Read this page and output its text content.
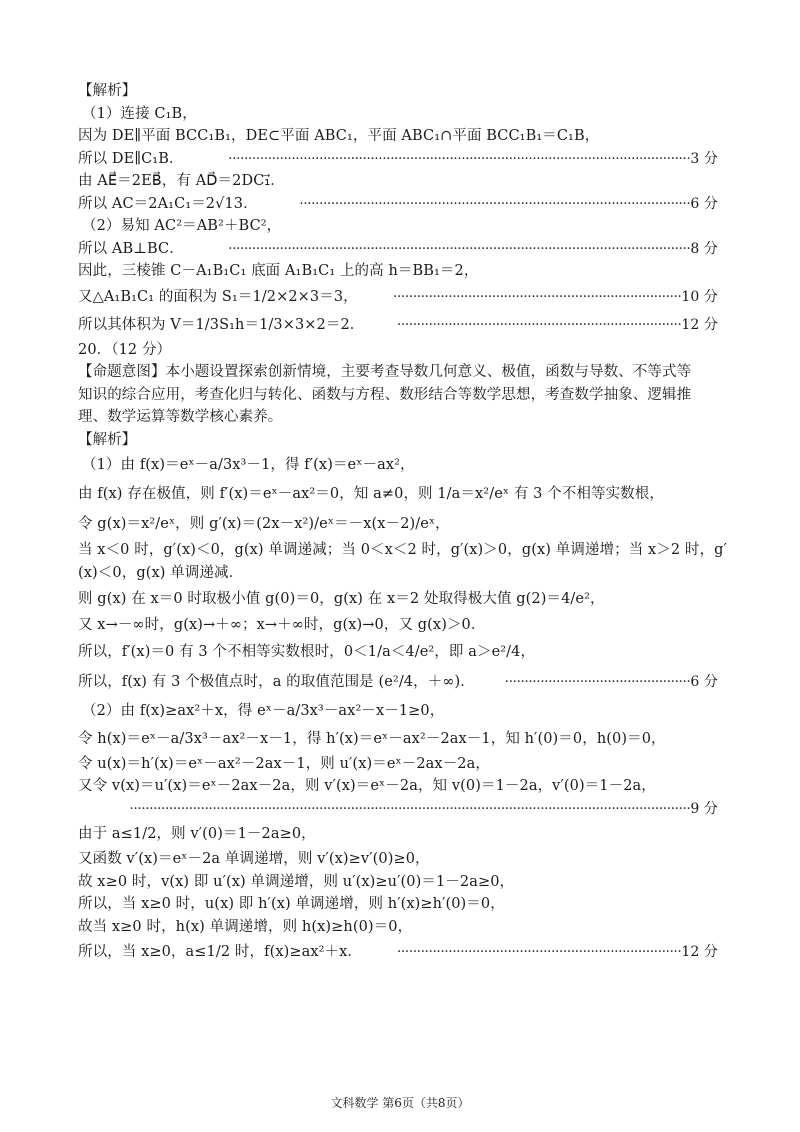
【解析】
（1）连接 C₁B，
因为 DE∥平面 BCC₁B₁，DE⊂平面 ABC₁，平面 ABC₁∩平面 BCC₁B₁＝C₁B，
所以 DE∥C₁B．	·····················································································································3 分
由 AE⃗＝2EB⃗，有 AD⃗＝2DC₁⃗．
所以 AC＝2A₁C₁＝2√13．	···································································································6 分
（2）易知 AC²＝AB²＋BC²，
所以 AB⊥BC．	·····················································································································8 分
因此，三棱锥 C－A₁B₁C₁ 底面 A₁B₁C₁ 上的高 h＝BB₁＝2，
又△A₁B₁C₁ 的面积为 S₁＝1/2×2×3＝3，	·········································································10 分
所以其体积为 V＝1/3S₁h＝1/3×3×2＝2． ········································································12 分
20．（12 分）
【命题意图】本小题设置探索创新情境，主要考查导数几何意义、极值，函数与导数、不等式等
知识的综合应用，考查化归与转化、函数与方程、数形结合等数学思想，考查数学抽象、逻辑推
理、数学运算等数学核心素养。
【解析】
（1）由 f(x)＝eˣ－a/3x³－1，得 f′(x)＝eˣ－ax²，
由 f(x) 存在极值，则 f′(x)＝eˣ－ax²＝0，知 a≠0，则 1/a＝x²/eˣ 有 3 个不相等实数根，
令 g(x)＝x²/eˣ，则 g′(x)＝(2x－x²)/eˣ＝－x(x－2)/eˣ，
当 x＜0 时，g′(x)＜0，g(x) 单调递减；当 0＜x＜2 时，g′(x)＞0，g(x) 单调递增；当 x＞2 时，g′
(x)＜0，g(x) 单调递减．
则 g(x) 在 x＝0 时取极小值 g(0)＝0，g(x) 在 x＝2 处取得极大值 g(2)＝4/e²，
又 x→－∞时，g(x)→＋∞；x→＋∞时，g(x)→0，又 g(x)＞0．
所以，f′(x)＝0 有 3 个不相等实数根时，0＜1/a＜4/e²，即 a＞e²/4，
所以，f(x) 有 3 个极值点时，a 的取值范围是 (e²/4，＋∞)． ···············································6 分
（2）由 f(x)≥ax²＋x，得 eˣ－a/3x³－ax²－x－1≥0，
令 h(x)＝eˣ－a/3x³－ax²－x－1，得 h′(x)＝eˣ－ax²－2ax－1，知 h′(0)＝0，h(0)＝0，
令 u(x)＝h′(x)＝eˣ－ax²－2ax－1，则 u′(x)＝eˣ－2ax－2a，
又令 v(x)＝u′(x)＝eˣ－2ax－2a，则 v′(x)＝eˣ－2a，知 v(0)＝1－2a，v′(0)＝1－2a，
··············································································································································9 分
由于 a≤1/2，则 v′(0)＝1－2a≥0，
又函数 v′(x)＝eˣ－2a 单调递增，则 v′(x)≥v′(0)≥0，
故 x≥0 时，v(x) 即 u′(x) 单调递增，则 u′(x)≥u′(0)＝1－2a≥0，
所以，当 x≥0 时，u(x) 即 h′(x) 单调递增，则 h′(x)≥h′(0)＝0，
故当 x≥0 时，h(x) 单调递增，则 h(x)≥h(0)＝0，
所以，当 x≥0，a≤1/2 时，f(x)≥ax²＋x． ········································································12 分
文科数学 第6页（共8页）
